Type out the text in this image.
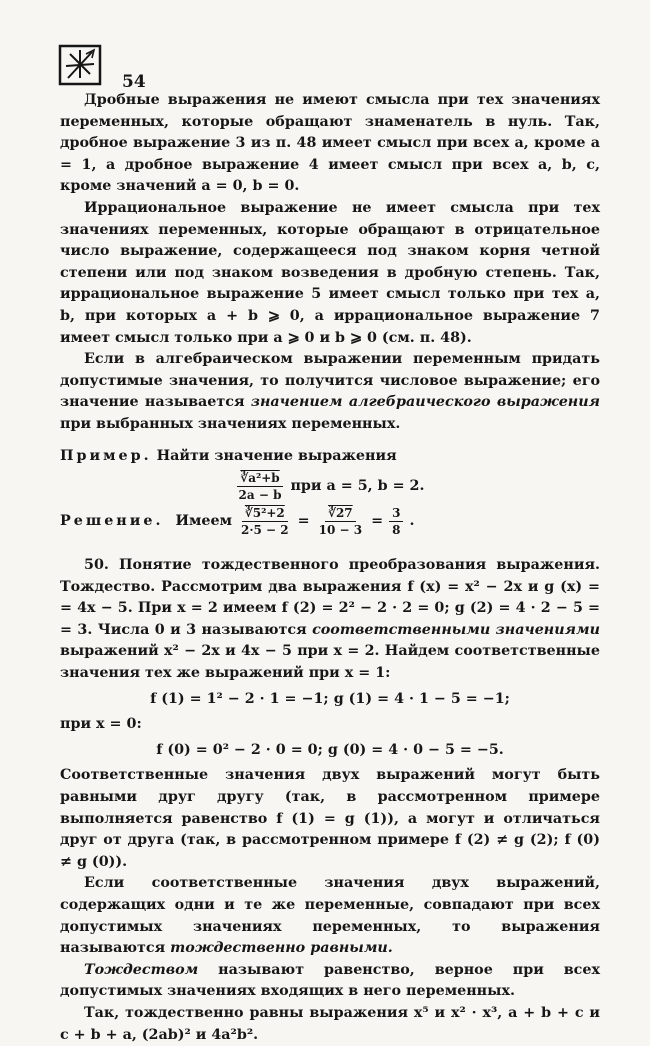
54

Дробные выражения не имеют смысла при тех значениях переменных, которые обращают знаменатель в нуль. Так, дробное выражение 3 из п. 48 имеет смысл при всех a, кроме a = 1, а дробное выражение 4 имеет смысл при всех a, b, c, кроме значений a = 0, b = 0.

Иррациональное выражение не имеет смысла при тех значениях переменных, которые обращают в отрицательное число выражение, содержащееся под знаком корня четной степени или под знаком возведения в дробную степень. Так, иррациональное выражение 5 имеет смысл только при тех a, b, при которых a + b ⩾ 0, а иррациональное выражение 7 имеет смысл только при a ⩾ 0 и b ⩾ 0 (см. п. 48).

Если в алгебраическом выражении переменным придать допустимые значения, то получится числовое выражение; его значение называется значением алгебраического выражения при выбранных значениях переменных.

Пример. Найти значение выражения

$\frac{\text{∛a²+b}}{2a - b}$ при a = 5, b = 2.
Решение. Имеем $\frac{\text{∛5²+2}}{2\cdot 5 - 2} = \frac{∛27}{10 - 3} = \frac{3}{8}$ .

50. Понятие тождественного преобразования выражения. Тождество. Рассмотрим два выражения f (x) = x² − 2x и g (x) = = 4x − 5. При x = 2 имеем f (2) = 2² − 2 · 2 = 0; g (2) = 4 · 2 − 5 = = 3. Числа 0 и 3 называются соответственными значениями выражений x² − 2x и 4x − 5 при x = 2. Найдем соответственные значения тех же выражений при x = 1:

f (1) = 1² − 2 · 1 = −1; g (1) = 4 · 1 − 5 = −1;

при x = 0:

f (0) = 0² − 2 · 0 = 0; g (0) = 4 · 0 − 5 = −5.

Соответственные значения двух выражений могут быть равными друг другу (так, в рассмотренном примере выполняется равенство f (1) = g (1)), а могут и отличаться друг от друга (так, в рассмотренном примере f (2) ≠ g (2); f (0) ≠ g (0)).

Если соответственные значения двух выражений, содержащих одни и те же переменные, совпадают при всех допустимых значениях переменных, то выражения называются тождественно равными.

Тождеством называют равенство, верное при всех допустимых значениях входящих в него переменных.

Так, тождественно равны выражения x⁵ и x² · x³, a + b + c и c + b + a, (2ab)² и 4a²b².
